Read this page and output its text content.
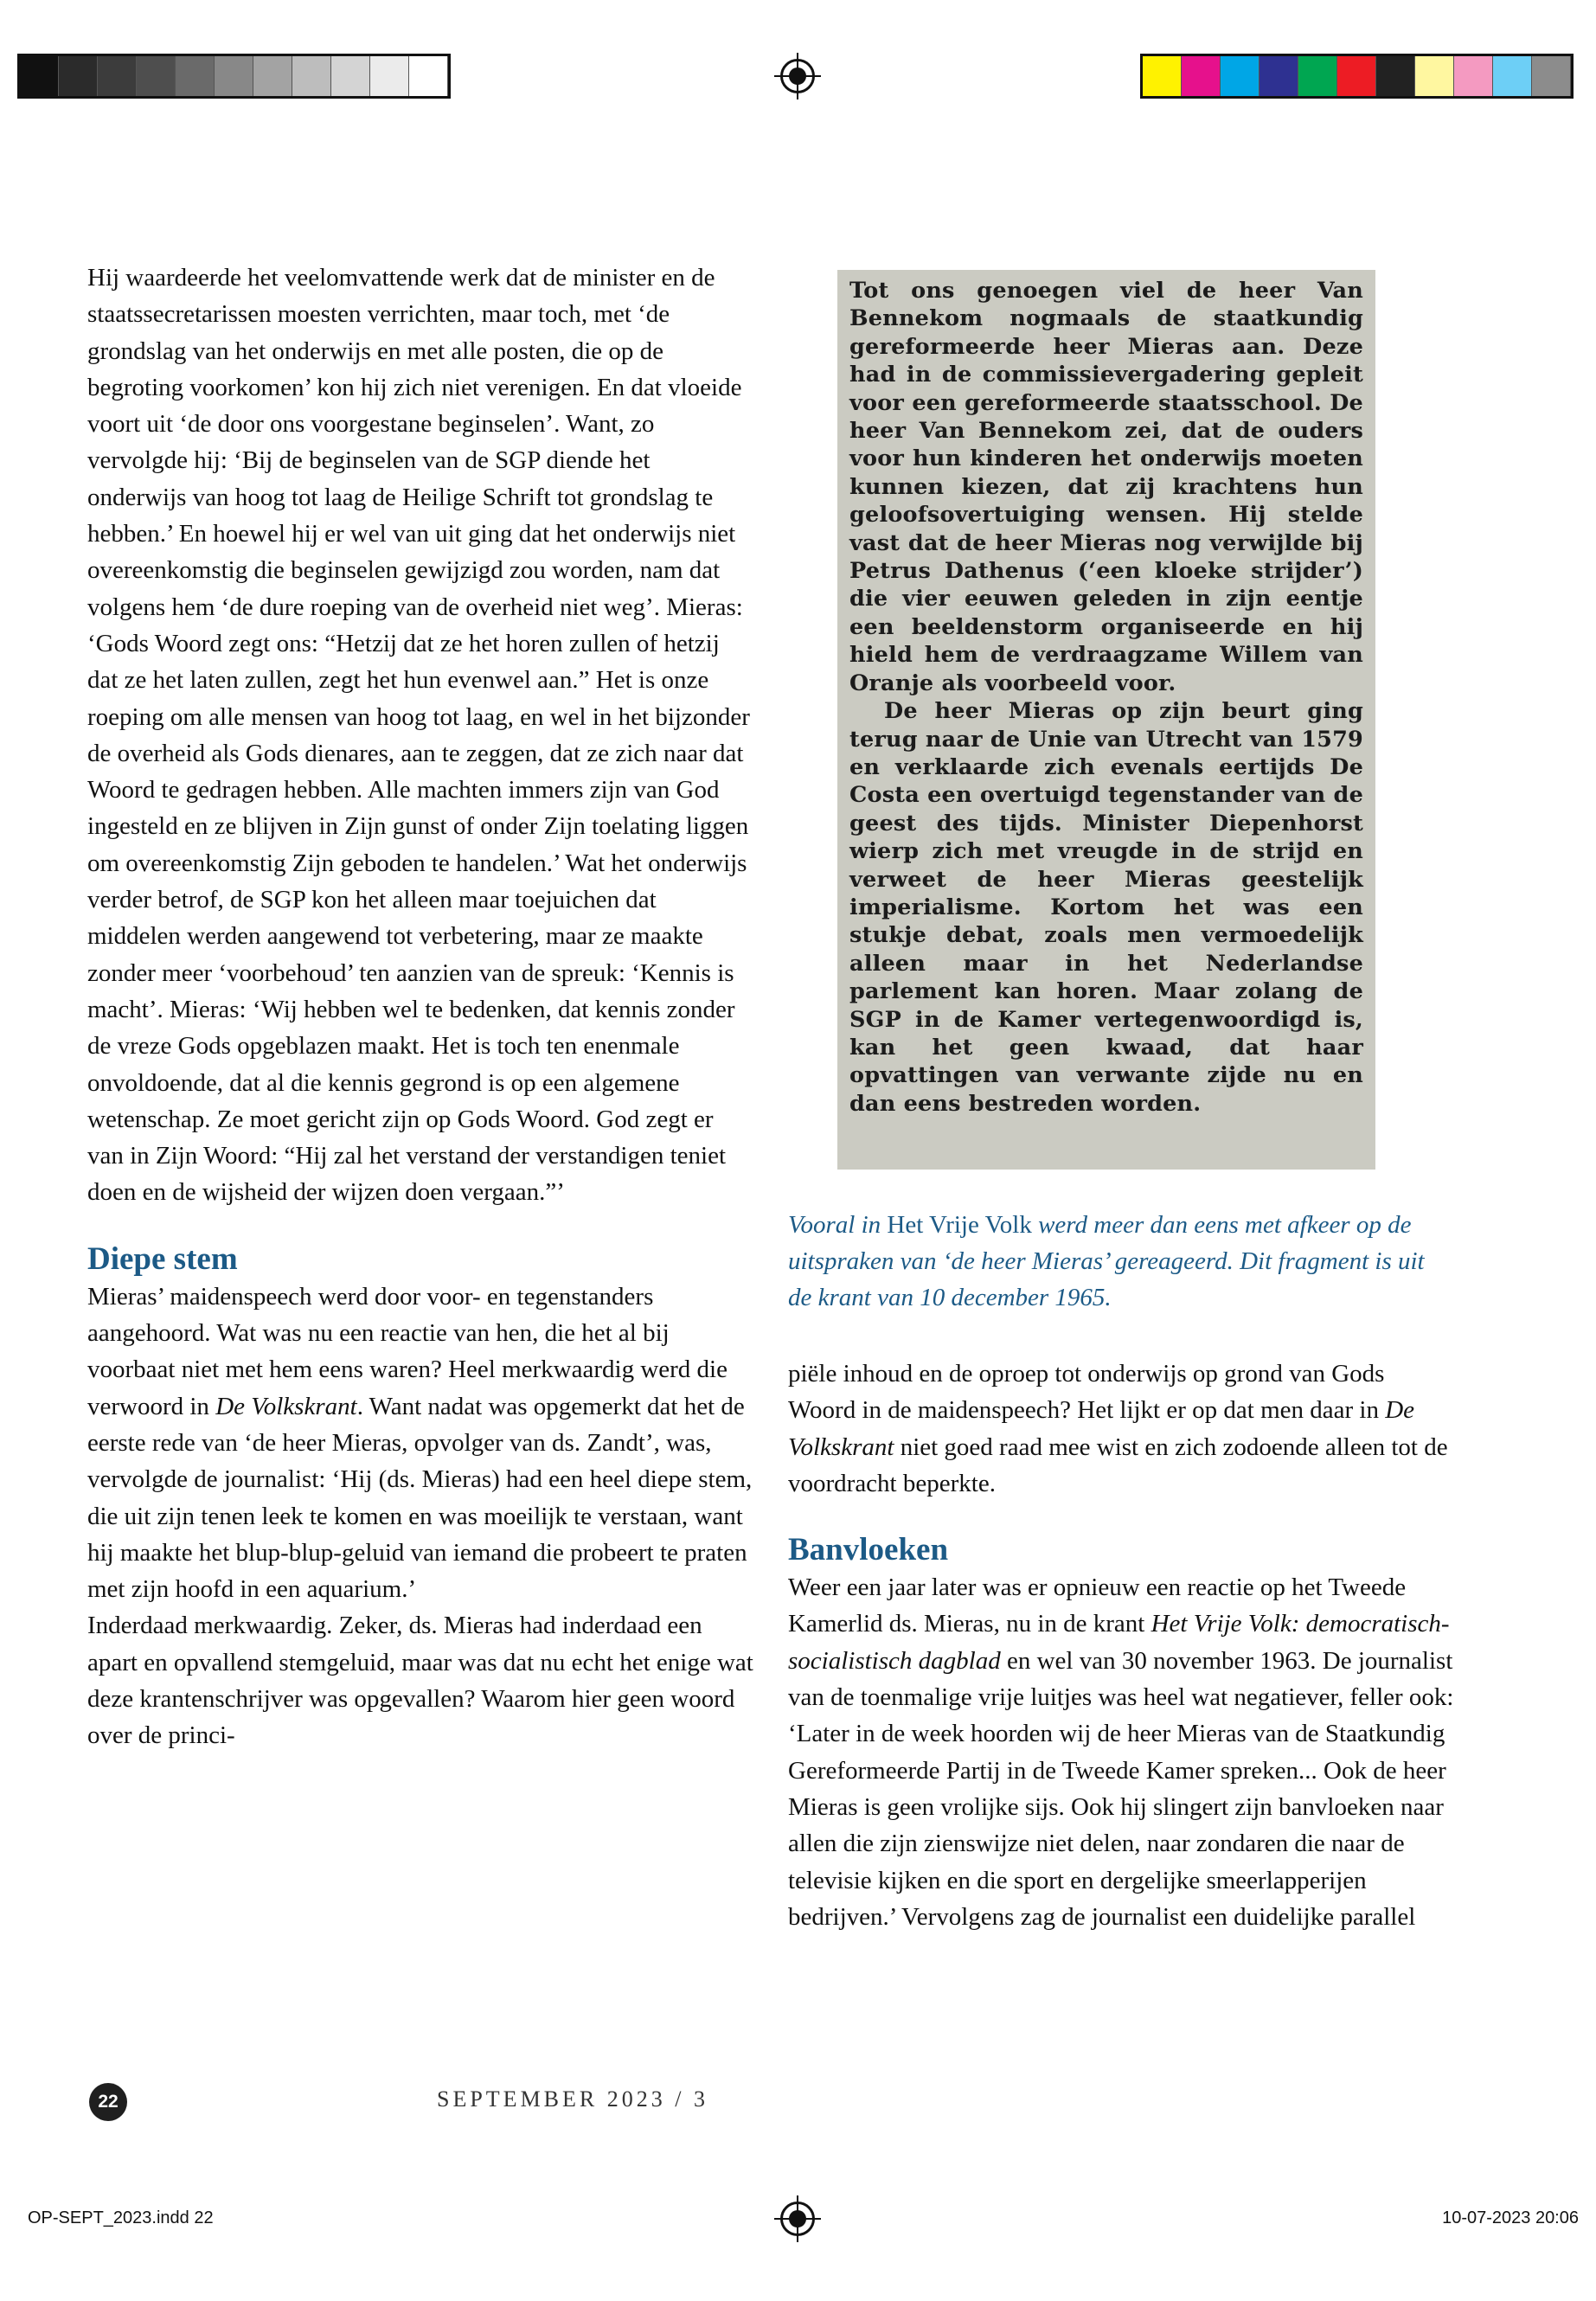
Hij waardeerde het veelomvattende werk dat de minister en de staatssecretarissen moesten verrichten, maar toch, met ‘de grondslag van het onderwijs en met alle posten, die op de begroting voorkomen’ kon hij zich niet verenigen. En dat vloeide voort uit ‘de door ons voorgestane beginselen’. Want, zo vervolgde hij: ‘Bij de beginselen van de SGP diende het onderwijs van hoog tot laag de Heilige Schrift tot grondslag te hebben.’ En hoewel hij er wel van uit ging dat het onderwijs niet overeenkomstig die beginselen gewijzigd zou worden, nam dat volgens hem ‘de dure roeping van de overheid niet weg’. Mieras: ‘Gods Woord zegt ons: “Hetzij dat ze het horen zullen of hetzij dat ze het laten zullen, zegt het hun evenwel aan.” Het is onze roeping om alle mensen van hoog tot laag, en wel in het bijzonder de overheid als Gods dienares, aan te zeggen, dat ze zich naar dat Woord te gedragen hebben. Alle machten immers zijn van God ingesteld en ze blijven in Zijn gunst of onder Zijn toelating liggen om overeenkomstig Zijn geboden te handelen.’ Wat het onderwijs verder betrof, de SGP kon het alleen maar toejuichen dat middelen werden aangewend tot verbetering, maar ze maakte zonder meer ‘voorbehoud’ ten aanzien van de spreuk: ‘Kennis is macht’. Mieras: ‘Wij hebben wel te bedenken, dat kennis zonder de vreze Gods opgeblazen maakt. Het is toch ten enenmale onvoldoende, dat al die kennis gegrond is op een algemene wetenschap. Ze moet gericht zijn op Gods Woord. God zegt er van in Zijn Woord: “Hij zal het verstand der verstandigen teniet doen en de wijsheid der wijzen doen vergaan.”’

Diepe stem

Mieras’ maidenspeech werd door voor- en tegenstanders aangehoord. Wat was nu een reactie van hen, die het al bij voorbaat niet met hem eens waren? Heel merkwaardig werd die verwoord in De Volkskrant. Want nadat was opgemerkt dat het de eerste rede van ‘de heer Mieras, opvolger van ds. Zandt’, was, vervolgde de journalist: ‘Hij (ds. Mieras) had een heel diepe stem, die uit zijn tenen leek te komen en was moeilijk te verstaan, want hij maakte het blup-blup-geluid van iemand die probeert te praten met zijn hoofd in een aquarium.’

Inderdaad merkwaardig. Zeker, ds. Mieras had inderdaad een apart en opvallend stemgeluid, maar was dat nu echt het enige wat deze krantenschrijver was opgevallen? Waarom hier geen woord over de princi-

Tot ons genoegen viel de heer Van Bennekom nogmaals de staatkundig gereformeerde heer Mieras aan. Deze had in de commissievergadering gepleit voor een gereformeerde staatsschool. De heer Van Bennekom zei, dat de ouders voor hun kinderen het onderwijs moeten kunnen kiezen, dat zij krachtens hun geloofsovertuiging wensen. Hij stelde vast dat de heer Mieras nog verwijlde bij Petrus Dathenus (‘een kloeke strijder’) die vier eeuwen geleden in zijn eentje een beeldenstorm organiseerde en hij hield hem de verdraagzame Willem van Oranje als voorbeeld voor.

De heer Mieras op zijn beurt ging terug naar de Unie van Utrecht van 1579 en verklaarde zich evenals eertijds De Costa een overtuigd tegenstander van de geest des tijds. Minister Diepenhorst wierp zich met vreugde in de strijd en verweet de heer Mieras geestelijk imperialisme. Kortom het was een stukje debat, zoals men vermoedelijk alleen maar in het Nederlandse parlement kan horen. Maar zolang de SGP in de Kamer vertegenwoordigd is, kan het geen kwaad, dat haar opvattingen van verwante zijde nu en dan eens bestreden worden.

Vooral in Het Vrije Volk werd meer dan eens met afkeer op de uitspraken van ‘de heer Mieras’ gereageerd. Dit fragment is uit de krant van 10 december 1965.

piële inhoud en de oproep tot onderwijs op grond van Gods Woord in de maidenspeech? Het lijkt er op dat men daar in De Volkskrant niet goed raad mee wist en zich zodoende alleen tot de voordracht beperkte.

Banvloeken

Weer een jaar later was er opnieuw een reactie op het Tweede Kamerlid ds. Mieras, nu in de krant Het Vrije Volk: democratisch-socialistisch dagblad en wel van 30 november 1963. De journalist van de toenmalige vrije luitjes was heel wat negatiever, feller ook: ‘Later in de week hoorden wij de heer Mieras van de Staatkundig Gereformeerde Partij in de Tweede Kamer spreken... Ook de heer Mieras is geen vrolijke sijs. Ook hij slingert zijn banvloeken naar allen die zijn zienswijze niet delen, naar zondaren die naar de televisie kijken en die sport en dergelijke smeerlapperijen bedrijven.’ Vervolgens zag de journalist een duidelijke parallel

22	SEPTEMBER 2023 / 3
OP-SEPT_2023.indd 22	10-07-2023 20:06
